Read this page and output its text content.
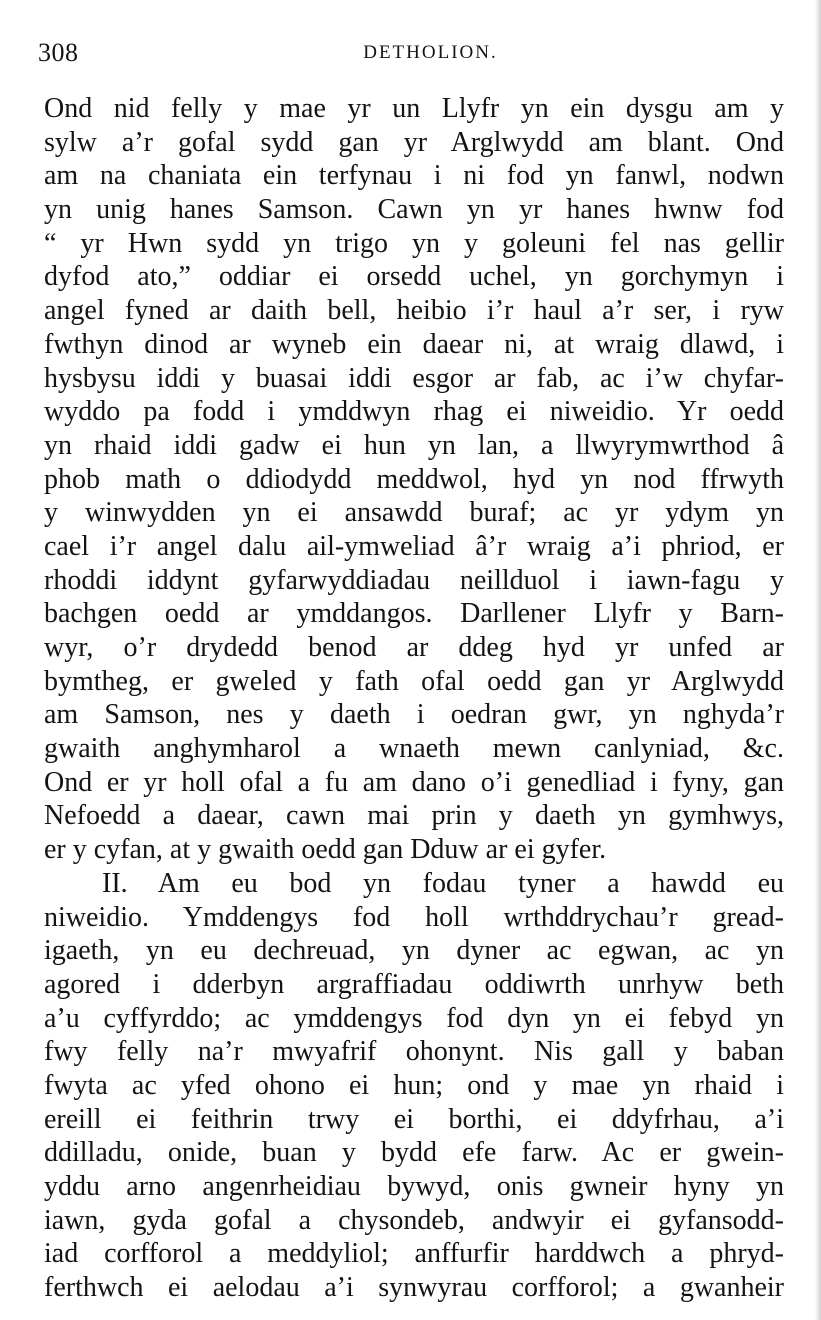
308	DETHOLION.
Ond nid felly y mae yr un Llyfr yn ein dysgu am y
sylw a’r gofal sydd gan yr Arglwydd am blant. Ond
am na chaniata ein terfynau i ni fod yn fanwl, nodwn
yn unig hanes Samson. Cawn yn yr hanes hwnw fod
“ yr Hwn sydd yn trigo yn y goleuni fel nas gellir
dyfod ato,” oddiar ei orsedd uchel, yn gorchymyn i
angel fyned ar daith bell, heibio i’r haul a’r ser, i ryw
fwthyn dinod ar wyneb ein daear ni, at wraig dlawd, i
hysbysu iddi y buasai iddi esgor ar fab, ac i’w chyfar-
wyddo pa fodd i ymddwyn rhag ei niweidio. Yr oedd
yn rhaid iddi gadw ei hun yn lan, a llwyrymwrthod â
phob math o ddiodydd meddwol, hyd yn nod ffrwyth
y winwydden yn ei ansawdd buraf; ac yr ydym yn
cael i’r angel dalu ail-ymweliad â’r wraig a’i phriod, er
rhoddi iddynt gyfarwyddiadau neillduol i iawn-fagu y
bachgen oedd ar ymddangos. Darllener Llyfr y Barn-
wyr, o’r drydedd benod ar ddeg hyd yr unfed ar
bymtheg, er gweled y fath ofal oedd gan yr Arglwydd
am Samson, nes y daeth i oedran gwr, yn nghyda’r
gwaith anghymharol a wnaeth mewn canlyniad, &c.
Ond er yr holl ofal a fu am dano o’i genedliad i fyny, gan
Nefoedd a daear, cawn mai prin y daeth yn gymhwys,
er y cyfan, at y gwaith oedd gan Dduw ar ei gyfer.
II. Am eu bod yn fodau tyner a hawdd eu
niweidio. Ymddengys fod holl wrthddrychau’r gread-
igaeth, yn eu dechreuad, yn dyner ac egwan, ac yn
agored i dderbyn argraffiadau oddiwrth unrhyw beth
a’u cyffyrddo; ac ymddengys fod dyn yn ei febyd yn
fwy felly na’r mwyafrif ohonynt. Nis gall y baban
fwyta ac yfed ohono ei hun; ond y mae yn rhaid i
ereill ei feithrin trwy ei borthi, ei ddyfrhau, a’i
ddilladu, onide, buan y bydd efe farw. Ac er gwein-
yddu arno angenrheidiau bywyd, onis gwneir hyny yn
iawn, gyda gofal a chysondeb, andwyir ei gyfansodd-
iad corfforol a meddyliol; anffurfir harddwch a phryd-
ferthwch ei aelodau a’i synwyrau corfforol; a gwanheir
